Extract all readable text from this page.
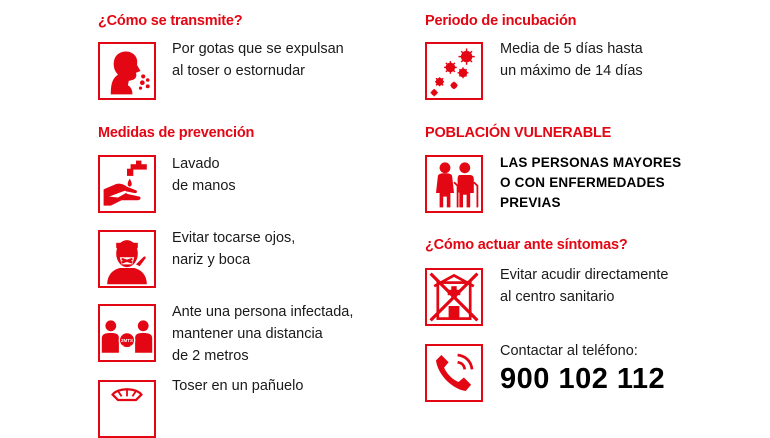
¿Cómo se transmite?
Por gotas que se expulsan
al toser o estornudar
Medidas de prevención
Lavado
de manos
Evitar tocarse ojos,
nariz y boca
2MTS
Ante una persona infectada,
mantener una distancia
de 2 metros
Toser en un pañuelo
Periodo de incubación
Media de 5 días hasta
un máximo de 14 días
POBLACIÓN VULNERABLE
LAS PERSONAS MAYORES
O CON ENFERMEDADES
PREVIAS
¿Cómo actuar ante síntomas?
Evitar acudir directamente
al centro sanitario
Contactar al teléfono:
900 102 112
